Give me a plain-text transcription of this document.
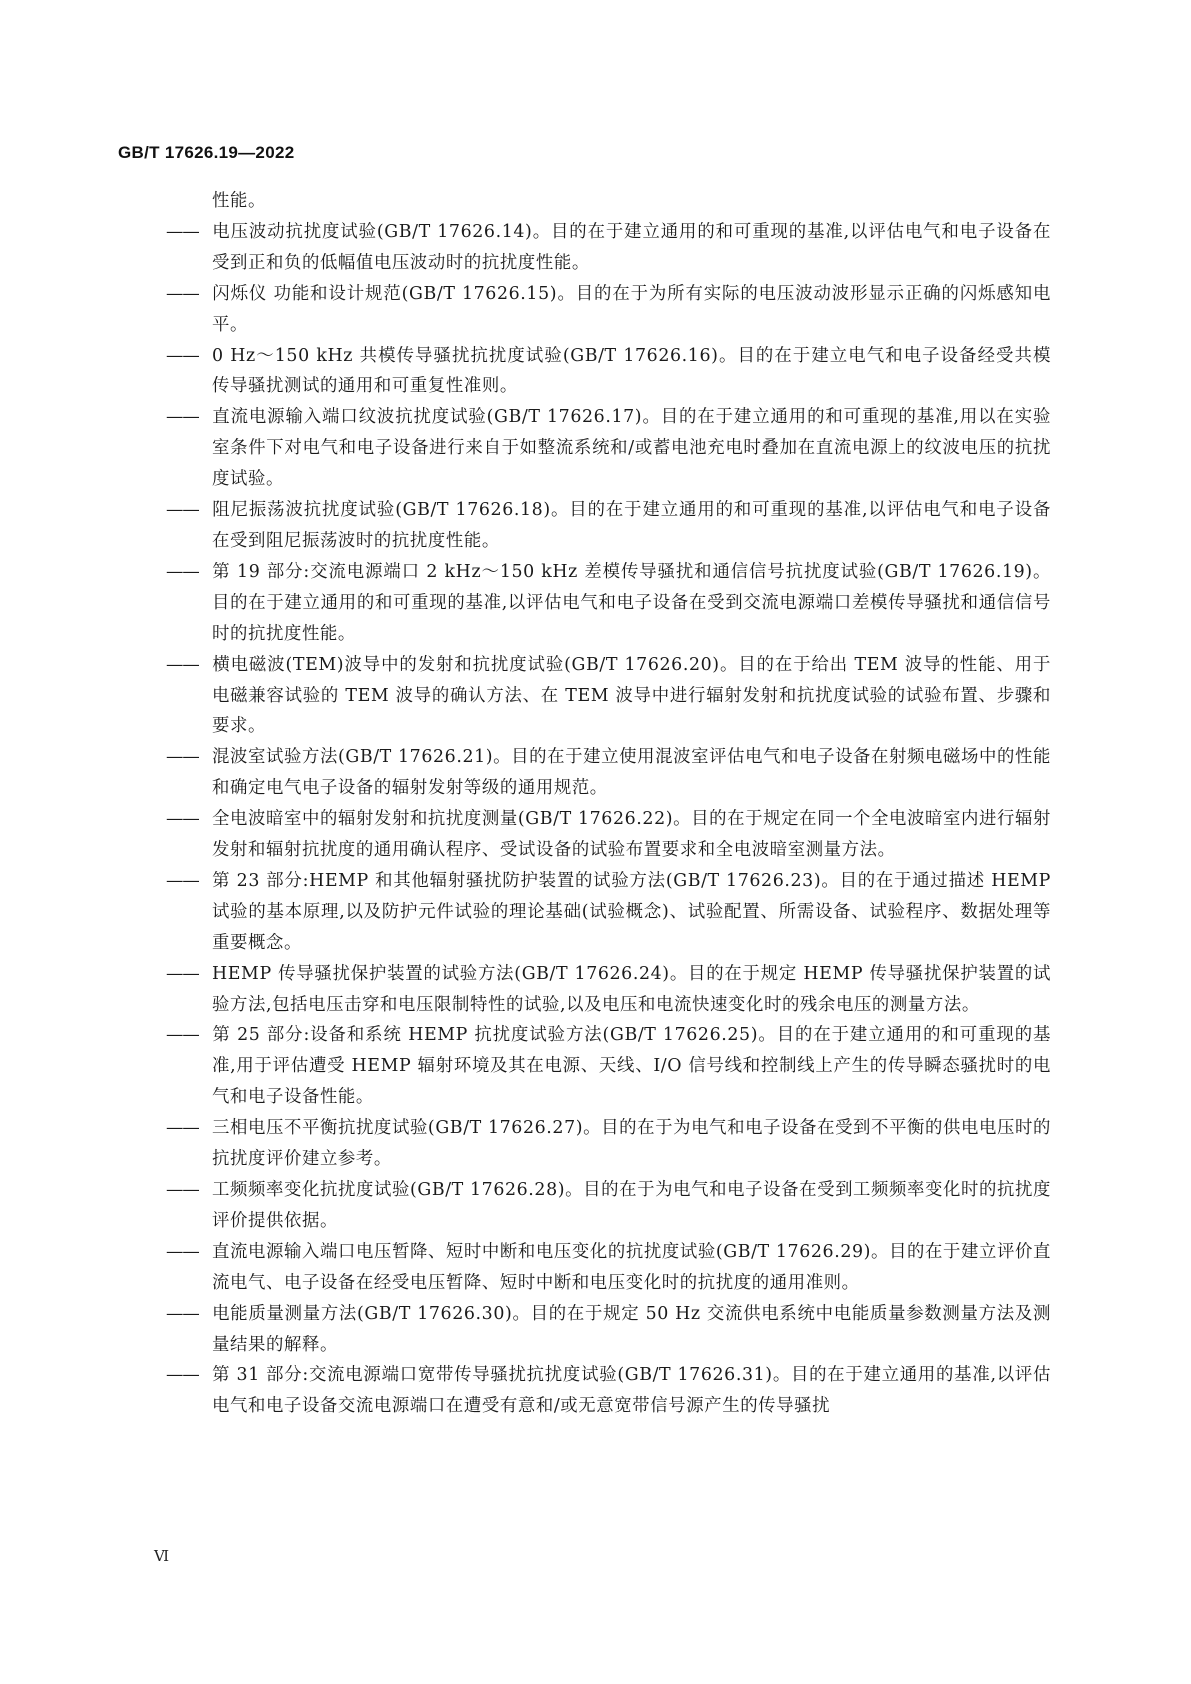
GB/T 17626.19—2022

性能。

—— 电压波动抗扰度试验(GB/T 17626.14)。目的在于建立通用的和可重现的基准,以评估电气和电子设备在受到正和负的低幅值电压波动时的抗扰度性能。

—— 闪烁仪 功能和设计规范(GB/T 17626.15)。目的在于为所有实际的电压波动波形显示正确的闪烁感知电平。

—— 0 Hz～150 kHz 共模传导骚扰抗扰度试验(GB/T 17626.16)。目的在于建立电气和电子设备经受共模传导骚扰测试的通用和可重复性准则。

—— 直流电源输入端口纹波抗扰度试验(GB/T 17626.17)。目的在于建立通用的和可重现的基准,用以在实验室条件下对电气和电子设备进行来自于如整流系统和/或蓄电池充电时叠加在直流电源上的纹波电压的抗扰度试验。

—— 阻尼振荡波抗扰度试验(GB/T 17626.18)。目的在于建立通用的和可重现的基准,以评估电气和电子设备在受到阻尼振荡波时的抗扰度性能。

—— 第 19 部分:交流电源端口 2 kHz～150 kHz 差模传导骚扰和通信信号抗扰度试验(GB/T 17626.19)。目的在于建立通用的和可重现的基准,以评估电气和电子设备在受到交流电源端口差模传导骚扰和通信信号时的抗扰度性能。

—— 横电磁波(TEM)波导中的发射和抗扰度试验(GB/T 17626.20)。目的在于给出 TEM 波导的性能、用于电磁兼容试验的 TEM 波导的确认方法、在 TEM 波导中进行辐射发射和抗扰度试验的试验布置、步骤和要求。

—— 混波室试验方法(GB/T 17626.21)。目的在于建立使用混波室评估电气和电子设备在射频电磁场中的性能和确定电气电子设备的辐射发射等级的通用规范。

—— 全电波暗室中的辐射发射和抗扰度测量(GB/T 17626.22)。目的在于规定在同一个全电波暗室内进行辐射发射和辐射抗扰度的通用确认程序、受试设备的试验布置要求和全电波暗室测量方法。

—— 第 23 部分:HEMP 和其他辐射骚扰防护装置的试验方法(GB/T 17626.23)。目的在于通过描述 HEMP 试验的基本原理,以及防护元件试验的理论基础(试验概念)、试验配置、所需设备、试验程序、数据处理等重要概念。

—— HEMP 传导骚扰保护装置的试验方法(GB/T 17626.24)。目的在于规定 HEMP 传导骚扰保护装置的试验方法,包括电压击穿和电压限制特性的试验,以及电压和电流快速变化时的残余电压的测量方法。

—— 第 25 部分:设备和系统 HEMP 抗扰度试验方法(GB/T 17626.25)。目的在于建立通用的和可重现的基准,用于评估遭受 HEMP 辐射环境及其在电源、天线、I/O 信号线和控制线上产生的传导瞬态骚扰时的电气和电子设备性能。

—— 三相电压不平衡抗扰度试验(GB/T 17626.27)。目的在于为电气和电子设备在受到不平衡的供电电压时的抗扰度评价建立参考。

—— 工频频率变化抗扰度试验(GB/T 17626.28)。目的在于为电气和电子设备在受到工频频率变化时的抗扰度评价提供依据。

—— 直流电源输入端口电压暂降、短时中断和电压变化的抗扰度试验(GB/T 17626.29)。目的在于建立评价直流电气、电子设备在经受电压暂降、短时中断和电压变化时的抗扰度的通用准则。

—— 电能质量测量方法(GB/T 17626.30)。目的在于规定 50 Hz 交流供电系统中电能质量参数测量方法及测量结果的解释。

—— 第 31 部分:交流电源端口宽带传导骚扰抗扰度试验(GB/T 17626.31)。目的在于建立通用的基准,以评估电气和电子设备交流电源端口在遭受有意和/或无意宽带信号源产生的传导骚扰

Ⅵ
